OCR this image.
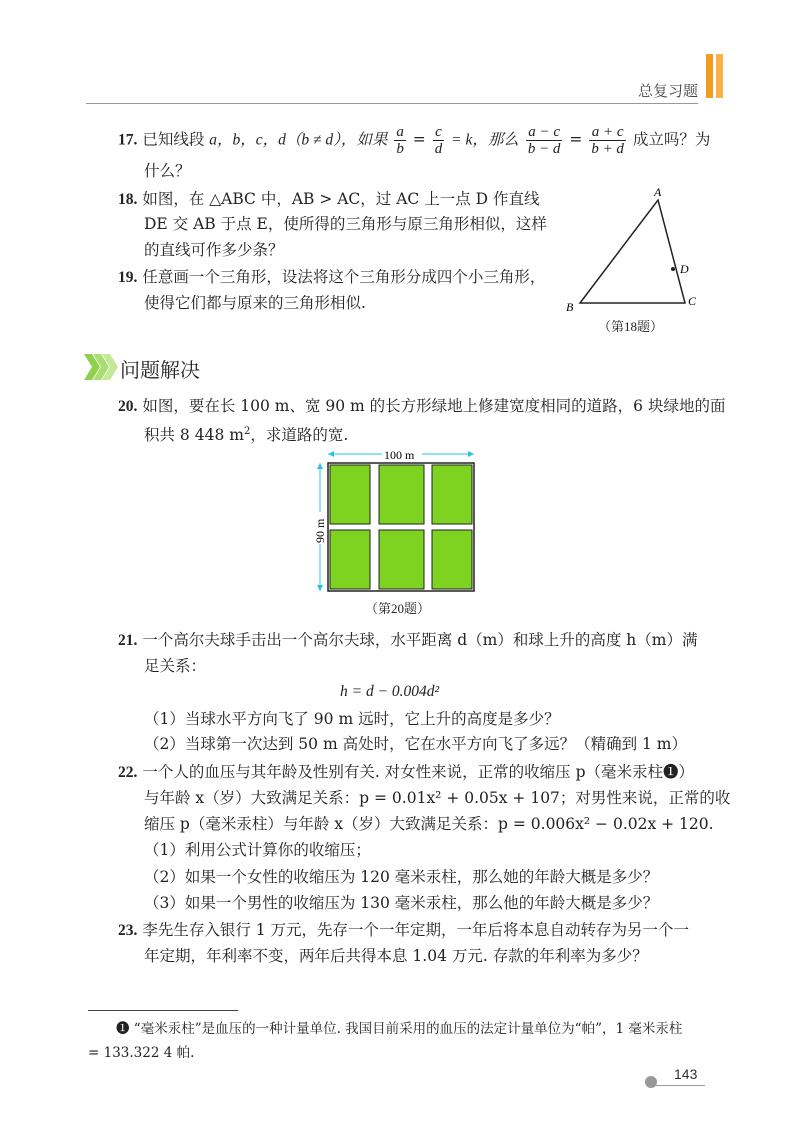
总复习题
17. 已知线段 a，b，c，d（b ≠ d），如果 $\frac{a}{b} = \frac{c}{d} = k$，那么 $\frac{a - c}{b - d} = \frac{a + c}{b + d}$ 成立吗？为
什么？
18. 如图，在 △ABC 中，AB > AC，过 AC 上一点 D 作直线
DE 交 AB 于点 E，使所得的三角形与原三角形相似，这样
的直线可作多少条？
19. 任意画一个三角形，设法将这个三角形分成四个小三角形，
使得它们都与原来的三角形相似.
A
B	C
D
（第18题）
问题解决
20. 如图，要在长 100 m、宽 90 m 的长方形绿地上修建宽度相同的道路，6 块绿地的面
积共 8 448 $m^2$，求道路的宽.
100 m
90 m
（第20题）
21. 一个高尔夫球手击出一个高尔夫球，水平距离 d（m）和球上升的高度 h（m）满
足关系：
h = d − 0.004d²
（1）当球水平方向飞了 90 m 远时，它上升的高度是多少？
（2）当球第一次达到 50 m 高处时，它在水平方向飞了多远？（精确到 1 m）
22. 一个人的血压与其年龄及性别有关. 对女性来说，正常的收缩压 p（毫米汞柱❶）
与年龄 x（岁）大致满足关系：p = 0.01x² + 0.05x + 107；对男性来说，正常的收
缩压 p（毫米汞柱）与年龄 x（岁）大致满足关系：p = 0.006x² − 0.02x + 120.
（1）利用公式计算你的收缩压；
（2）如果一个女性的收缩压为 120 毫米汞柱，那么她的年龄大概是多少？
（3）如果一个男性的收缩压为 130 毫米汞柱，那么他的年龄大概是多少？
23. 李先生存入银行 1 万元，先存一个一年定期，一年后将本息自动转存为另一个一
年定期，年利率不变，两年后共得本息 1.04 万元. 存款的年利率为多少？
❶ “毫米汞柱”是血压的一种计量单位. 我国目前采用的血压的法定计量单位为“帕”，1 毫米汞柱
= 133.322 4 帕.
143
